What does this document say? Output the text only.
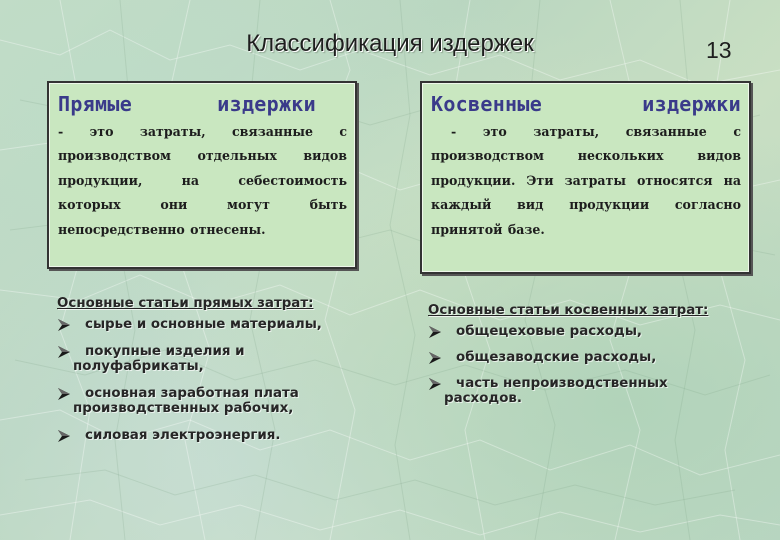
Классификация издержек	13
Прямые	издержки
- это затраты, связанные с производством отдельных видов продукции, на себестоимость которых они могут быть непосредственно отнесены.
Косвенные	издержки
- это затраты, связанные с производством нескольких видов продукции. Эти затраты относятся на каждый вид продукции согласно принятой базе.
Основные статьи прямых затрат:
сырье и основные материалы,
покупные изделия и
полуфабрикаты,
основная заработная плата
производственных рабочих,
силовая электроэнергия.
Основные статьи косвенных затрат:
общецеховые расходы,
общезаводские расходы,
часть непроизводственных
расходов.
